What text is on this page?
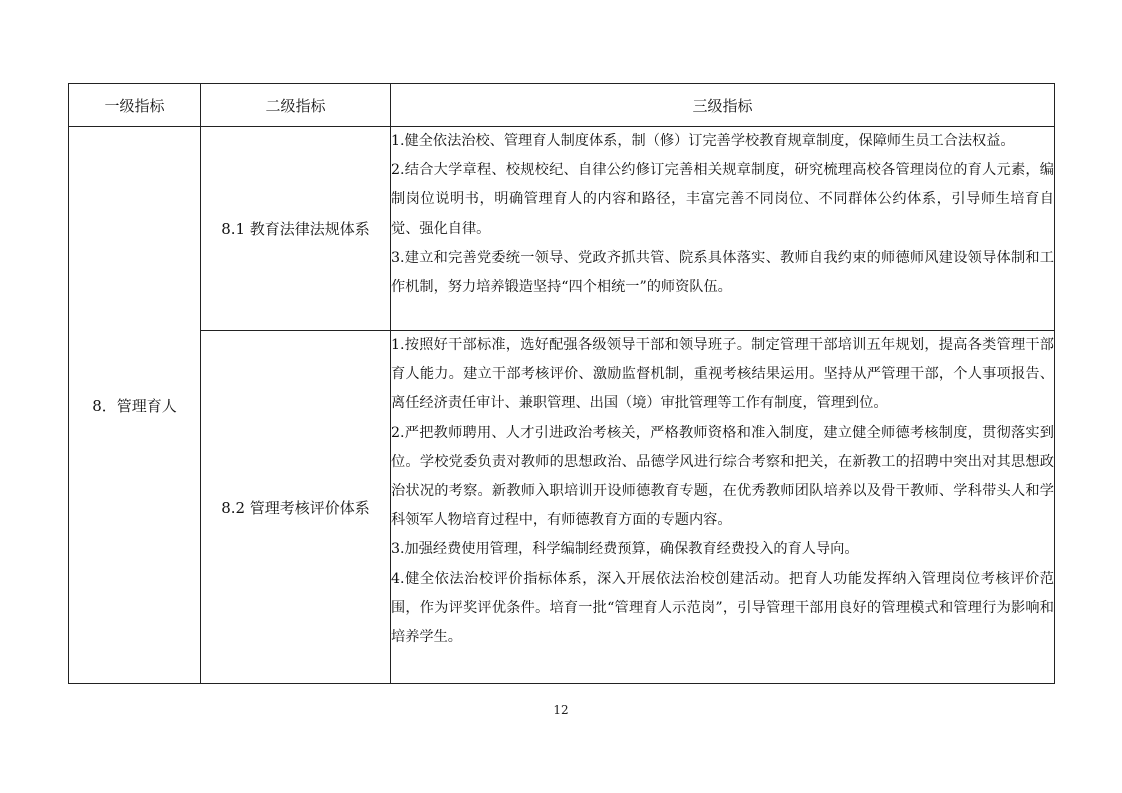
一级指标	二级指标	三级指标
8．管理育人	8.1 教育法律法规体系	1.健全依法治校、管理育人制度体系，制（修）订完善学校教育规章制度，保障师生员工合法权益。

2.结合大学章程、校规校纪、自律公约修订完善相关规章制度，研究梳理高校各管理岗位的育人元素，编制岗位说明书，明确管理育人的内容和路径，丰富完善不同岗位、不同群体公约体系，引导师生培育自觉、强化自律。

3.建立和完善党委统一领导、党政齐抓共管、院系具体落实、教师自我约束的师德师风建设领导体制和工作机制，努力培养锻造坚持“四个相统一”的师资队伍。

	8.2 管理考核评价体系	1.按照好干部标准，选好配强各级领导干部和领导班子。制定管理干部培训五年规划，提高各类管理干部育人能力。建立干部考核评价、激励监督机制，重视考核结果运用。坚持从严管理干部，个人事项报告、离任经济责任审计、兼职管理、出国（境）审批管理等工作有制度，管理到位。

2.严把教师聘用、人才引进政治考核关，严格教师资格和准入制度，建立健全师德考核制度，贯彻落实到位。学校党委负责对教师的思想政治、品德学风进行综合考察和把关，在新教工的招聘中突出对其思想政治状况的考察。新教师入职培训开设师德教育专题，在优秀教师团队培养以及骨干教师、学科带头人和学科领军人物培育过程中，有师德教育方面的专题内容。

3.加强经费使用管理，科学编制经费预算，确保教育经费投入的育人导向。

4.健全依法治校评价指标体系，深入开展依法治校创建活动。把育人功能发挥纳入管理岗位考核评价范围，作为评奖评优条件。培育一批“管理育人示范岗”，引导管理干部用良好的管理模式和管理行为影响和培养学生。

12
